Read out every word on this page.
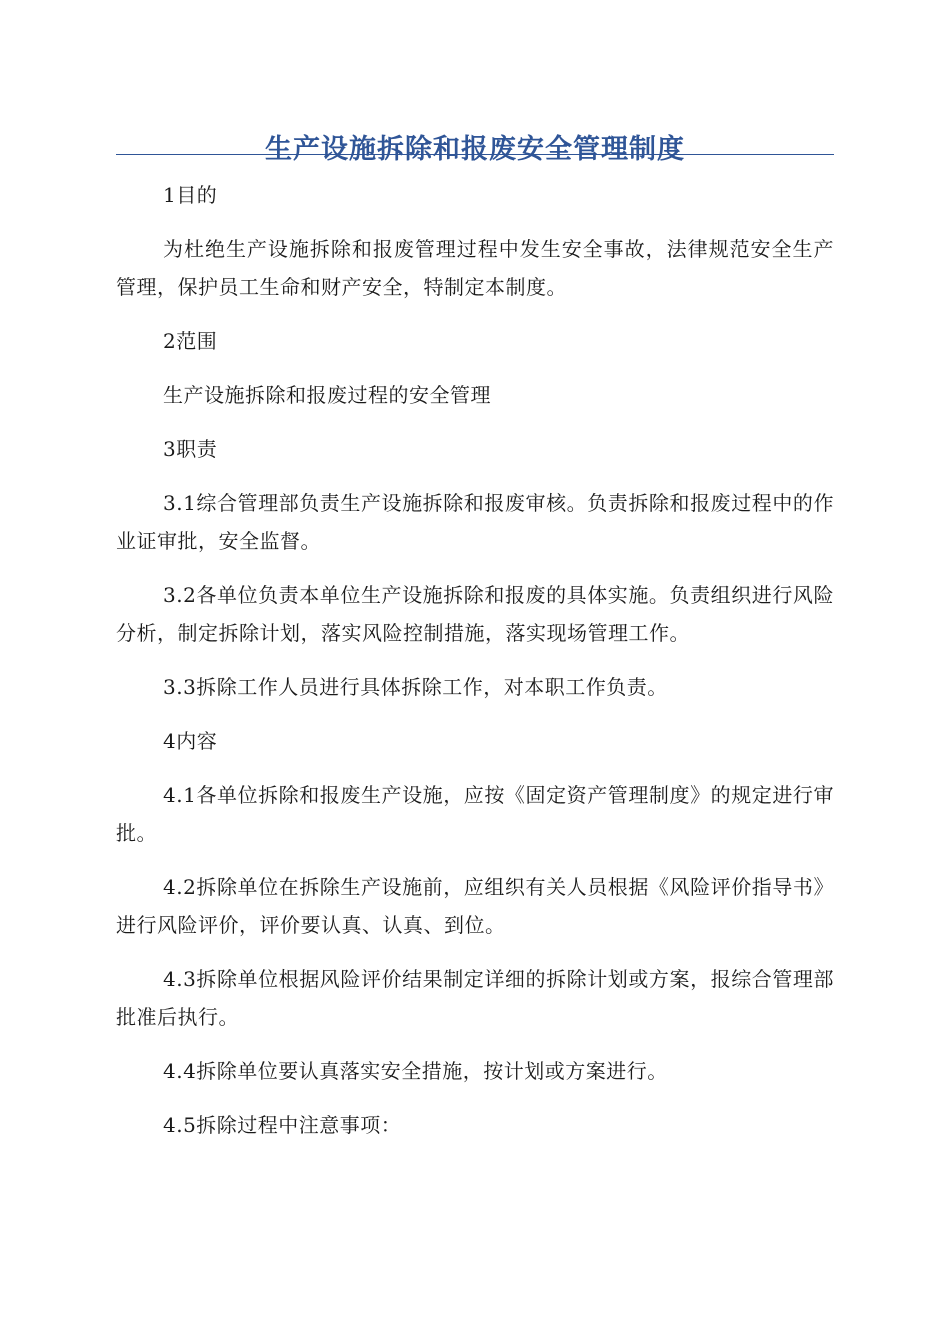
生产设施拆除和报废安全管理制度

1目的

为杜绝生产设施拆除和报废管理过程中发生安全事故，法律规范安全生产管理，保护员工生命和财产安全，特制定本制度。

2范围

生产设施拆除和报废过程的安全管理

3职责

3.1综合管理部负责生产设施拆除和报废审核。负责拆除和报废过程中的作业证审批，安全监督。

3.2各单位负责本单位生产设施拆除和报废的具体实施。负责组织进行风险分析，制定拆除计划，落实风险控制措施，落实现场管理工作。

3.3拆除工作人员进行具体拆除工作，对本职工作负责。

4内容

4.1各单位拆除和报废生产设施，应按《固定资产管理制度》的规定进行审批。

4.2拆除单位在拆除生产设施前，应组织有关人员根据《风险评价指导书》进行风险评价，评价要认真、认真、到位。

4.3拆除单位根据风险评价结果制定详细的拆除计划或方案，报综合管理部批准后执行。

4.4拆除单位要认真落实安全措施，按计划或方案进行。

4.5拆除过程中注意事项：
